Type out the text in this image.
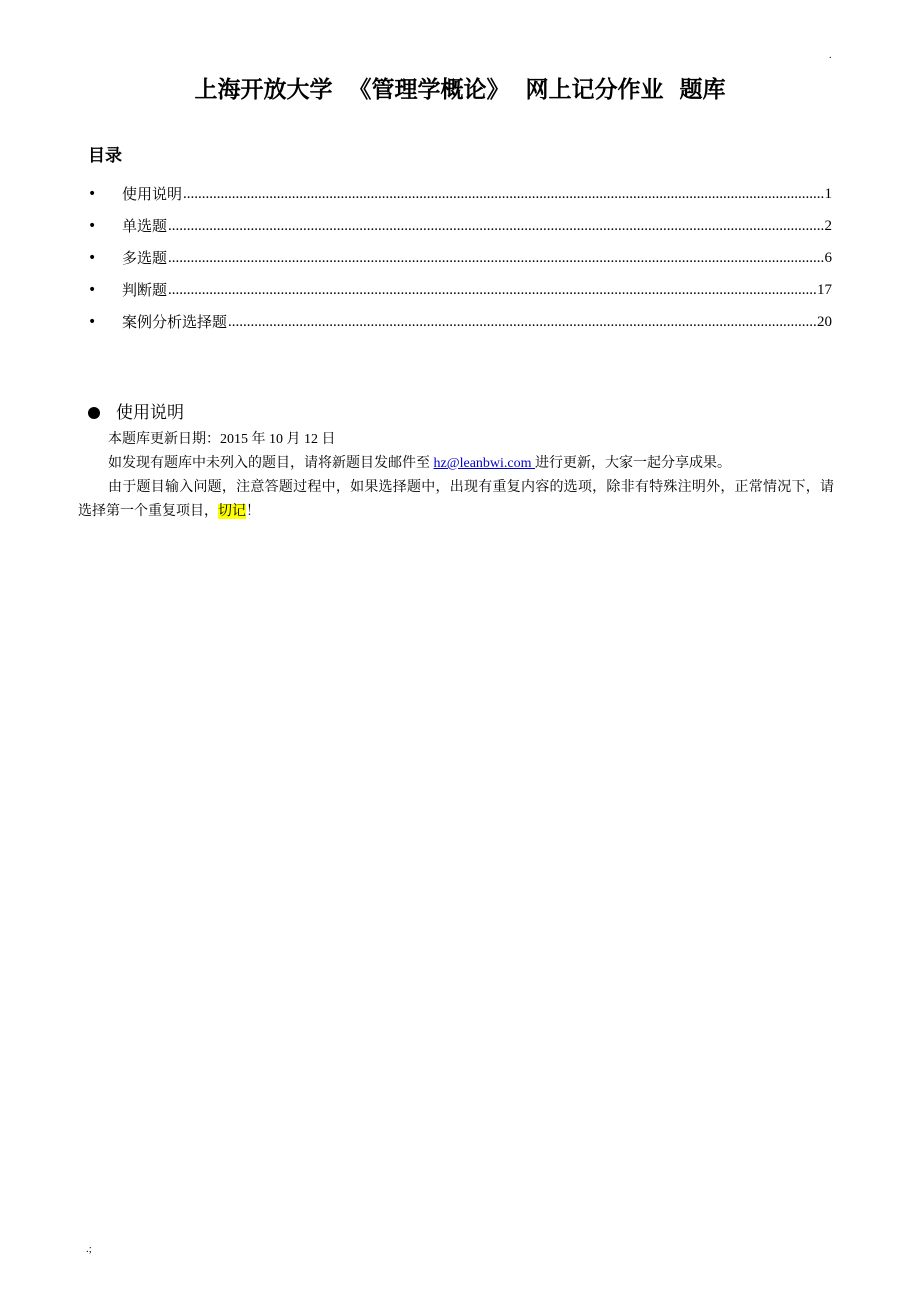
.
上海开放大学  《管理学概论》  网上记分作业  题库
目录
•	使用说明 .....	1
•	单选题 .....	2
•	多选题 .....	6
•	判断题 .....	17
•	案例分析选择题 .....	20
使用说明

本题库更新日期：2015 年 10 月 12 日

如发现有题库中未列入的题目，请将新题目发邮件至 hz@leanbwi.com 进行更新，大家一起分享成果。

由于题目输入问题，注意答题过程中，如果选择题中，出现有重复内容的选项，除非有特殊注明外，正常情况下，请选择第一个重复项目，切记！

.;
